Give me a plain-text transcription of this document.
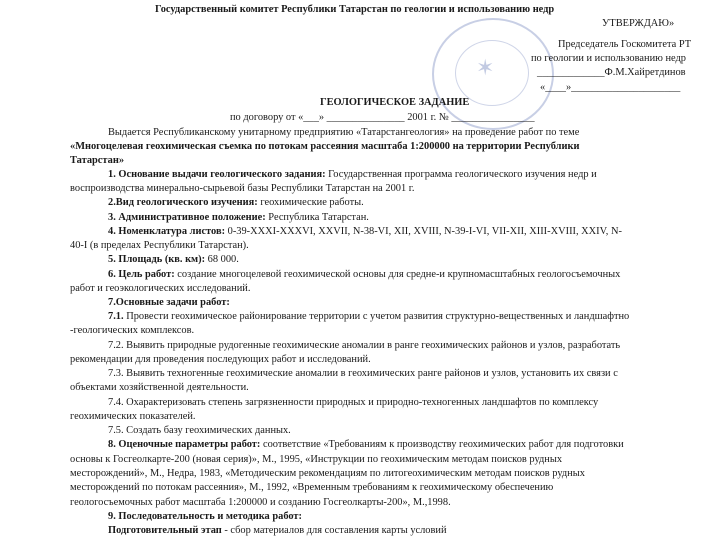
✶
Государственный комитет Республики Татарстан по геологии и использованию недр
УТВЕРЖДАЮ»
Председатель Госкомитета РТ
по геологии и использованию недр
_____________Ф.М.Хайретдинов
«____»_____________________
ГЕОЛОГИЧЕСКОЕ ЗАДАНИЕ
по договору от «___» _______________ 2001 г. № ________________
Выдается Республиканскому унитарному предприятию «Татарстангеология» на проведение работ по теме
«Многоцелевая геохимическая съемка по потокам рассеяния масштаба 1:200000 на территории Республики
Татарстан»
1. Основание выдачи геологического задания: Государственная программа геологического изучения недр и
воспроизводства минерально-сырьевой базы Республики Татарстан на 2001 г.
2.Вид геологического изучения: геохимические работы.
3. Административное положение: Республика Татарстан.
4. Номенклатура листов: 0-39-XXXI-XXXVI, XXVII, N-38-VI, XII, XVIII, N-39-I-VI, VII-XII, XIII-XVIII, XXIV, N-
40-I (в пределах Республики Татарстан).
5. Площадь (кв. км): 68 000.
6. Цель работ: создание многоцелевой геохимической основы для средне-и крупномасштабных геологосъемочных
работ и геоэкологических исследований.
7.Основные задачи работ:
7.1. Провести геохимическое районирование территории с учетом развития структурно-вещественных и ландшафтно
-геологических комплексов.
7.2. Выявить природные рудогенные геохимические аномалии в ранге геохимических районов и узлов, разработать
рекомендации для проведения последующих работ и исследований.
7.3. Выявить техногенные геохимические аномалии в геохимических ранге районов и узлов, установить их связи с
объектами хозяйственной деятельности.
7.4. Охарактеризовать степень загрязненности природных и природно-техногенных ландшафтов по комплексу
геохимических показателей.
7.5. Создать базу геохимических данных.
8. Оценочные параметры работ: соответствие «Требованиям к производству геохимических работ для подготовки
основы к Госгеолкарте-200 (новая серия)», М., 1995, «Инструкции по геохимическим методам поисков рудных
месторождений», М., Недра, 1983, «Методическим рекомендациям по литогеохимическим методам поисков рудных
месторождений по потокам рассеяния», М., 1992, «Временным требованиям к геохимическому обеспечению
геологосъемочных работ масштаба 1:200000 и созданию Госгеолкарты-200», М.,1998.
9. Последовательность и методика работ:
Подготовительный этап - сбор материалов для составления карты условий
